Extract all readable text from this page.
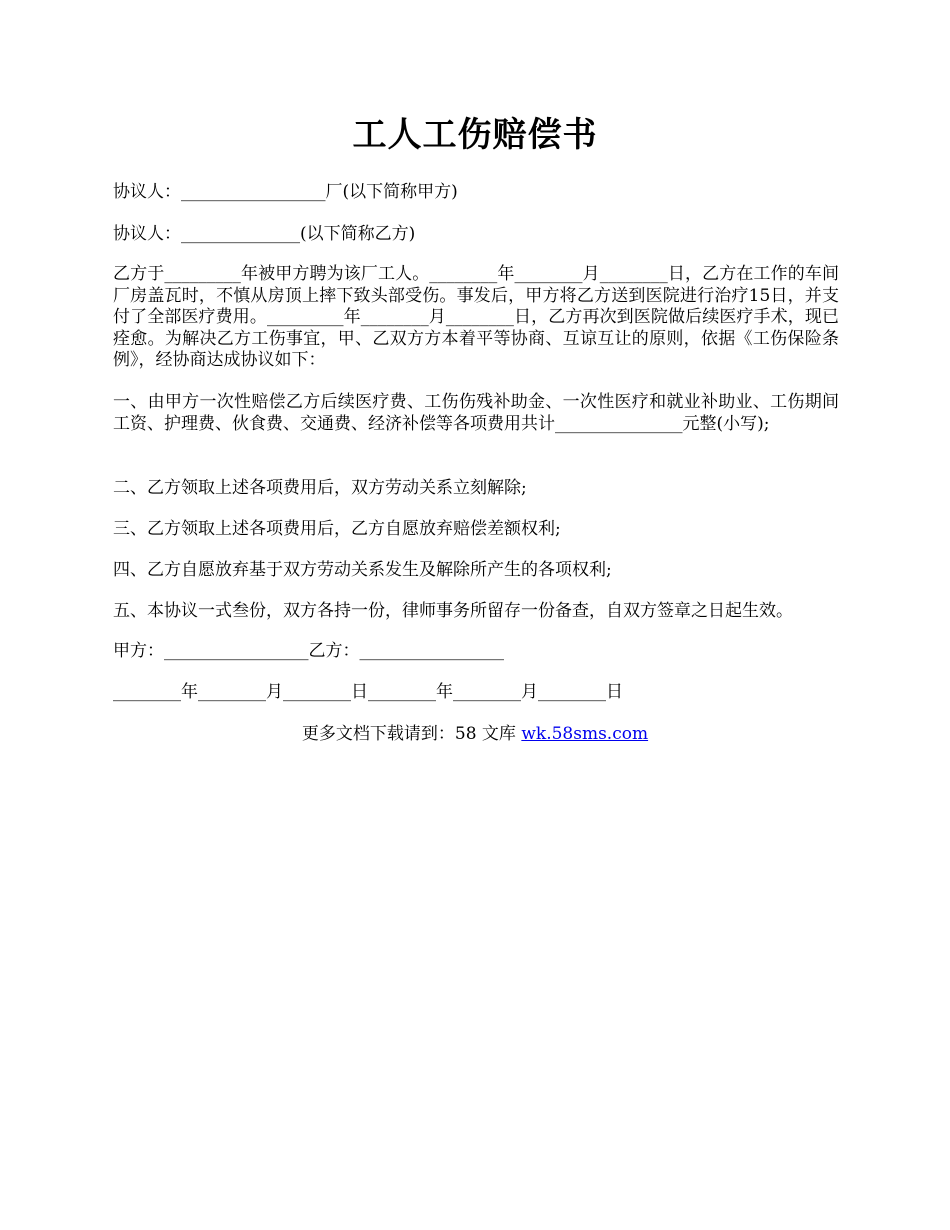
工人工伤赔偿书
协议人：_________________厂(以下简称甲方)
协议人：______________(以下简称乙方)
乙方于_________年被甲方聘为该厂工人。________年________月________日，乙方在工作的车间厂房盖瓦时，不慎从房顶上摔下致头部受伤。事发后，甲方将乙方送到医院进行治疗15日，并支付了全部医疗费用。_________年________月________日，乙方再次到医院做后续医疗手术，现已痊愈。为解决乙方工伤事宜，甲、乙双方方本着平等协商、互谅互让的原则，依据《工伤保险条例》，经协商达成协议如下：
一、由甲方一次性赔偿乙方后续医疗费、工伤伤残补助金、一次性医疗和就业补助业、工伤期间工资、护理费、伙食费、交通费、经济补偿等各项费用共计_______________元整(小写);
二、乙方领取上述各项费用后，双方劳动关系立刻解除;
三、乙方领取上述各项费用后，乙方自愿放弃赔偿差额权利;
四、乙方自愿放弃基于双方劳动关系发生及解除所产生的各项权利;
五、本协议一式叁份，双方各持一份，律师事务所留存一份备查，自双方签章之日起生效。
甲方：_________________乙方：_________________
________年________月________日________年________月________日
更多文档下载请到：58 文库 wk.58sms.com
